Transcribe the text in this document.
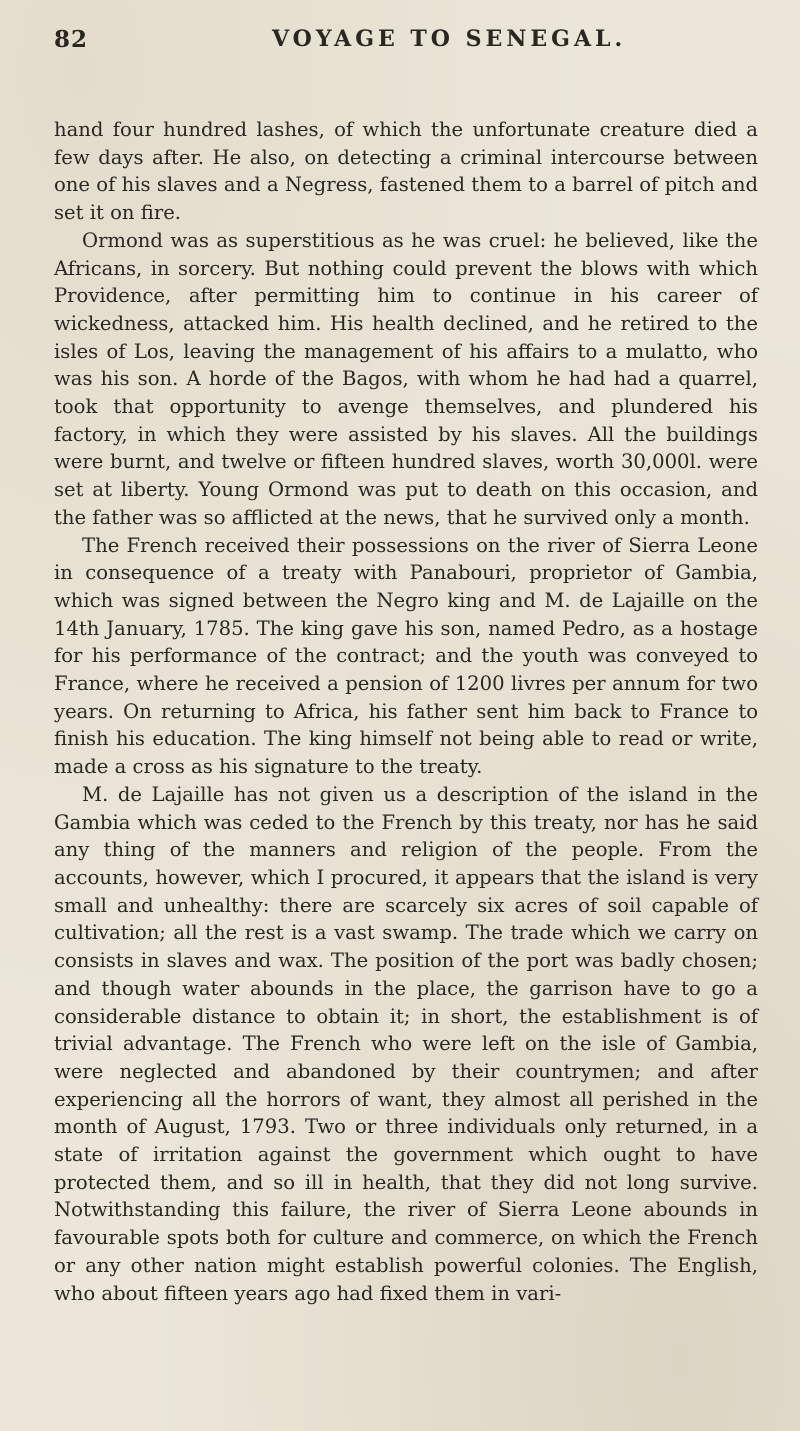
82	VOYAGE TO SENEGAL.

hand four hundred lashes, of which the unfortunate creature died a few days after. He also, on detecting a criminal intercourse between one of his slaves and a Negress, fastened them to a barrel of pitch and set it on fire.

Ormond was as superstitious as he was cruel: he believed, like the Africans, in sorcery. But nothing could prevent the blows with which Providence, after permitting him to continue in his career of wickedness, attacked him. His health declined, and he retired to the isles of Los, leaving the management of his affairs to a mulatto, who was his son. A horde of the Bagos, with whom he had had a quarrel, took that opportunity to avenge themselves, and plundered his factory, in which they were assisted by his slaves. All the buildings were burnt, and twelve or fifteen hundred slaves, worth 30,000l. were set at liberty. Young Ormond was put to death on this occasion, and the father was so afflicted at the news, that he survived only a month.

The French received their possessions on the river of Sierra Leone in consequence of a treaty with Panabouri, proprietor of Gambia, which was signed between the Negro king and M. de Lajaille on the 14th January, 1785. The king gave his son, named Pedro, as a hostage for his performance of the contract; and the youth was conveyed to France, where he received a pension of 1200 livres per annum for two years. On returning to Africa, his father sent him back to France to finish his education. The king himself not being able to read or write, made a cross as his signature to the treaty.

M. de Lajaille has not given us a description of the island in the Gambia which was ceded to the French by this treaty, nor has he said any thing of the manners and religion of the people. From the accounts, however, which I procured, it appears that the island is very small and unhealthy: there are scarcely six acres of soil capable of cultivation; all the rest is a vast swamp. The trade which we carry on consists in slaves and wax. The position of the port was badly chosen; and though water abounds in the place, the garrison have to go a considerable distance to obtain it; in short, the establishment is of trivial advantage. The French who were left on the isle of Gambia, were neglected and abandoned by their countrymen; and after experiencing all the horrors of want, they almost all perished in the month of August, 1793. Two or three individuals only returned, in a state of irritation against the government which ought to have protected them, and so ill in health, that they did not long survive. Notwithstanding this failure, the river of Sierra Leone abounds in favourable spots both for culture and commerce, on which the French or any other nation might establish powerful colonies. The English, who about fifteen years ago had fixed them in vari-
